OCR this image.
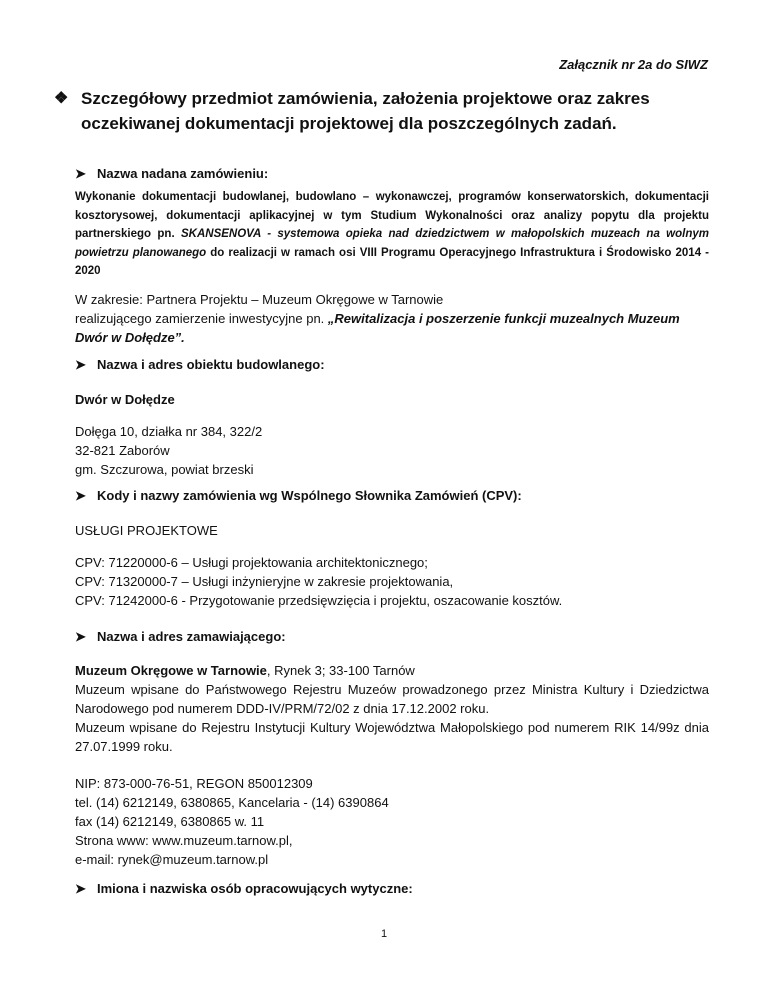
Załącznik nr 2a do SIWZ
❖ Szczegółowy przedmiot zamówienia, założenia projektowe oraz zakres oczekiwanej dokumentacji projektowej dla poszczególnych zadań.
➤ Nazwa nadana zamówieniu:
Wykonanie dokumentacji budowlanej, budowlano – wykonawczej, programów konserwatorskich, dokumentacji kosztorysowej, dokumentacji aplikacyjnej w tym Studium Wykonalności oraz analizy popytu dla projektu partnerskiego pn. SKANSENOVA - systemowa opieka nad dziedzictwem w małopolskich muzeach na wolnym powietrzu planowanego do realizacji w ramach osi VIII Programu Operacyjnego Infrastruktura i Środowisko 2014 - 2020
W zakresie: Partnera Projektu – Muzeum Okręgowe w Tarnowie
realizującego zamierzenie inwestycyjne pn. „Rewitalizacja i poszerzenie funkcji muzealnych Muzeum Dwór w Dołędze”.
➤ Nazwa i adres obiektu budowlanego:
Dwór w Dołędze
Dołęga 10, działka nr 384, 322/2
32-821 Zaborów
gm. Szczurowa, powiat brzeski
➤ Kody i nazwy zamówienia wg Wspólnego Słownika Zamówień (CPV):
USŁUGI PROJEKTOWE
CPV: 71220000-6 – Usługi projektowania architektonicznego;
CPV: 71320000-7 – Usługi inżynieryjne w zakresie projektowania,
CPV: 71242000-6 - Przygotowanie przedsięwzięcia i projektu, oszacowanie kosztów.
➤ Nazwa i adres zamawiającego:
Muzeum Okręgowe w Tarnowie, Rynek 3; 33-100 Tarnów
Muzeum wpisane do Państwowego Rejestru Muzeów prowadzonego przez Ministra Kultury i Dziedzictwa Narodowego pod numerem DDD-IV/PRM/72/02 z dnia 17.12.2002 roku.
Muzeum wpisane do Rejestru Instytucji Kultury Województwa Małopolskiego pod numerem RIK 14/99z dnia 27.07.1999 roku.
NIP: 873-000-76-51, REGON 850012309
tel. (14) 6212149, 6380865, Kancelaria - (14) 6390864
fax (14) 6212149, 6380865 w. 11
Strona www: www.muzeum.tarnow.pl,
e-mail: rynek@muzeum.tarnow.pl
➤ Imiona i nazwiska osób opracowujących wytyczne:
1
